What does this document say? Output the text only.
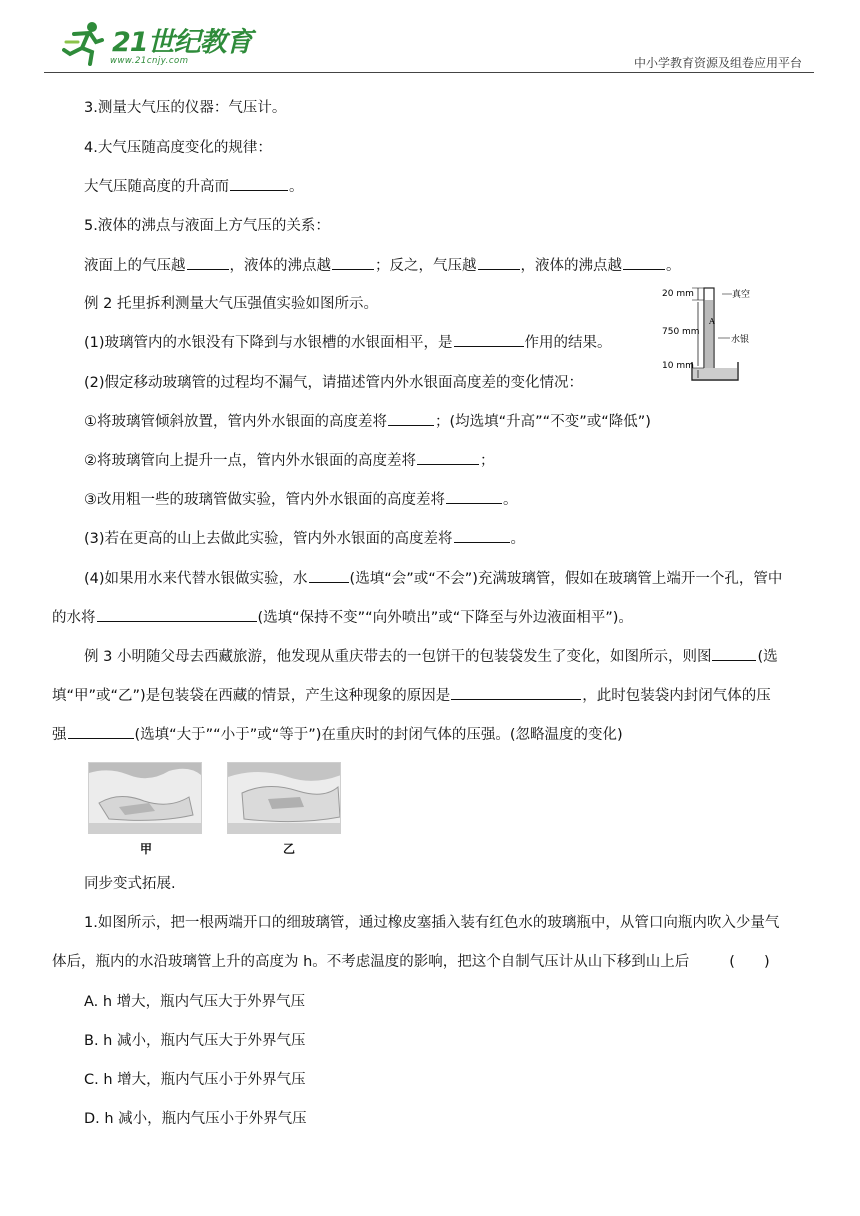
21世纪教育
www.21cnjy.com	中小学教育资源及组卷应用平台
3.测量大气压的仪器：气压计。
4.大气压随高度变化的规律：
大气压随高度的升高而	。
5.液体的沸点与液面上方气压的关系：
液面上的气压越	，液体的沸点越	；反之，气压越	，液体的沸点越	。
例 2 托里拆利测量大气压强值实验如图所示。
(1)玻璃管内的水银没有下降到与水银槽的水银面相平，是	作用的结果。
(2)假定移动玻璃管的过程均不漏气，请描述管内外水银面高度差的变化情况：
①将玻璃管倾斜放置，管内外水银面的高度差将	；(均选填“升高”“不变”或“降低”)
②将玻璃管向上提升一点，管内外水银面的高度差将	；
③改用粗一些的玻璃管做实验，管内外水银面的高度差将	。
(3)若在更高的山上去做此实验，管内外水银面的高度差将	。
(4)如果用水来代替水银做实验，水	(选填“会”或“不会”)充满玻璃管，假如在玻璃管上端开一个孔，管中
的水将	(选填“保持不变”“向外喷出”或“下降至与外边液面相平”)。
例 3 小明随父母去西藏旅游，他发现从重庆带去的一包饼干的包装袋发生了变化，如图所示，则图	(选
填“甲”或“乙”)是包装袋在西藏的情景，产生这种现象的原因是	，此时包装袋内封闭气体的压
强	(选填“大于”“小于”或“等于”)在重庆时的封闭气体的压强。(忽略温度的变化)
甲	乙
同步变式拓展.
1.如图所示，把一根两端开口的细玻璃管，通过橡皮塞插入装有红色水的玻璃瓶中，从管口向瓶内吹入少量气
体后，瓶内的水沿玻璃管上升的高度为 h。不考虑温度的影响，把这个自制气压计从山下移到山上后	(　　)
A. h 增大，瓶内气压大于外界气压
B. h 减小，瓶内气压大于外界气压
C. h 增大，瓶内气压小于外界气压
D. h 减小，瓶内气压小于外界气压
20 mm	真空
A
750 mm
水银
10 mm
